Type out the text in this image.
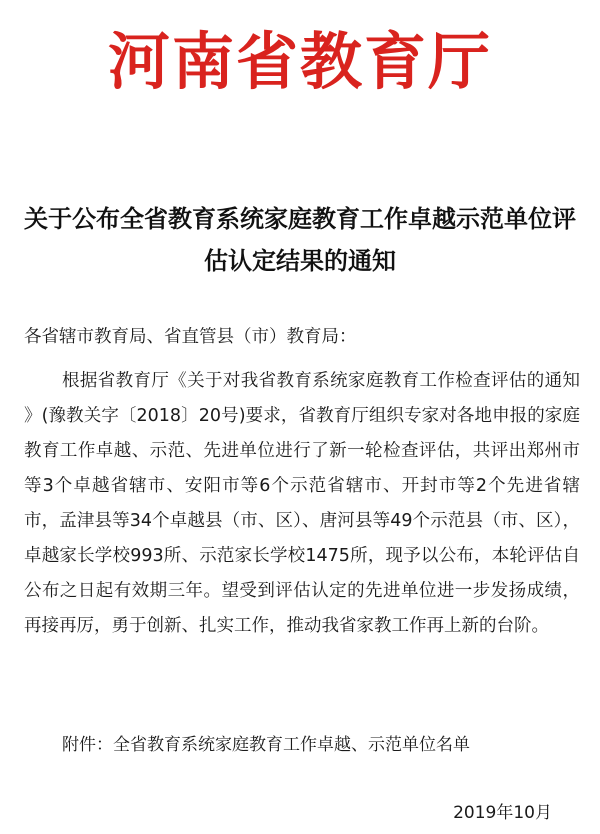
河南省教育厅
关于公布全省教育系统家庭教育工作卓越示范单位评估认定结果的通知
各省辖市教育局、省直管县（市）教育局：

根据省教育厅《关于对我省教育系统家庭教育工作检查评估的通知 》(豫教关字〔2018〕20号)要求，省教育厅组织专家对各地申报的家庭教育工作卓越、示范、先进单位进行了新一轮检查评估，共评出郑州市等3个卓越省辖市、安阳市等6个示范省辖市、开封市等2个先进省辖市，孟津县等34个卓越县（市、区）、唐河县等49个示范县（市、区），卓越家长学校993所、示范家长学校1475所，现予以公布，本轮评估自公布之日起有效期三年。望受到评估认定的先进单位进一步发扬成绩，再接再厉，勇于创新、扎实工作，推动我省家教工作再上新的台阶。

附件：全省教育系统家庭教育工作卓越、示范单位名单
2019年10月
